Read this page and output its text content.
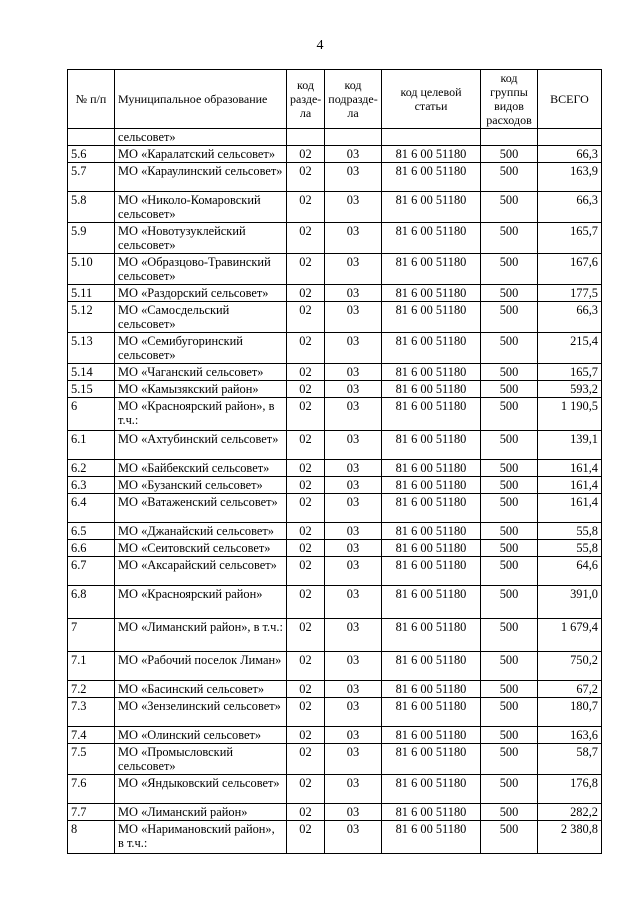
4
№ п/п	Муниципальное образование	код разде-ла	код подразде-ла	код целевой статьи	код группы видов расходов	ВСЕГО
	сельсовет»					
5.6	МО «Каралатский сельсовет»	02	03	81 6 00 51180	500	66,3
5.7	МО «Караулинский сельсовет»	02	03	81 6 00 51180	500	163,9
5.8	МО «Николо-Комаровский сельсовет»	02	03	81 6 00 51180	500	66,3
5.9	МО «Новотузуклейский сельсовет»	02	03	81 6 00 51180	500	165,7
5.10	МО «Образцово-Травинский сельсовет»	02	03	81 6 00 51180	500	167,6
5.11	МО «Раздорский сельсовет»	02	03	81 6 00 51180	500	177,5
5.12	МО «Самосдельский сельсовет»	02	03	81 6 00 51180	500	66,3
5.13	МО «Семибугоринский сельсовет»	02	03	81 6 00 51180	500	215,4
5.14	МО «Чаганский сельсовет»	02	03	81 6 00 51180	500	165,7
5.15	МО «Камызякский район»	02	03	81 6 00 51180	500	593,2
6	МО «Красноярский район», в т.ч.:	02	03	81 6 00 51180	500	1 190,5
6.1	МО «Ахтубинский сельсовет»	02	03	81 6 00 51180	500	139,1
6.2	МО «Байбекский сельсовет»	02	03	81 6 00 51180	500	161,4
6.3	МО «Бузанский сельсовет»	02	03	81 6 00 51180	500	161,4
6.4	МО «Ватаженский сельсовет»	02	03	81 6 00 51180	500	161,4
6.5	МО «Джанайский сельсовет»	02	03	81 6 00 51180	500	55,8
6.6	МО «Сеитовский сельсовет»	02	03	81 6 00 51180	500	55,8
6.7	МО «Аксарайский сельсовет»	02	03	81 6 00 51180	500	64,6
6.8	МО «Красноярский район»	02	03	81 6 00 51180	500	391,0
7	МО «Лиманский район», в т.ч.:	02	03	81 6 00 51180	500	1 679,4
7.1	МО «Рабочий поселок Лиман»	02	03	81 6 00 51180	500	750,2
7.2	МО «Басинский сельсовет»	02	03	81 6 00 51180	500	67,2
7.3	МО «Зензелинский сельсовет»	02	03	81 6 00 51180	500	180,7
7.4	МО «Олинский сельсовет»	02	03	81 6 00 51180	500	163,6
7.5	МО «Промысловский сельсовет»	02	03	81 6 00 51180	500	58,7
7.6	МО «Яндыковский сельсовет»	02	03	81 6 00 51180	500	176,8
7.7	МО «Лиманский район»	02	03	81 6 00 51180	500	282,2
8	МО «Наримановский район», в т.ч.:	02	03	81 6 00 51180	500	2 380,8
